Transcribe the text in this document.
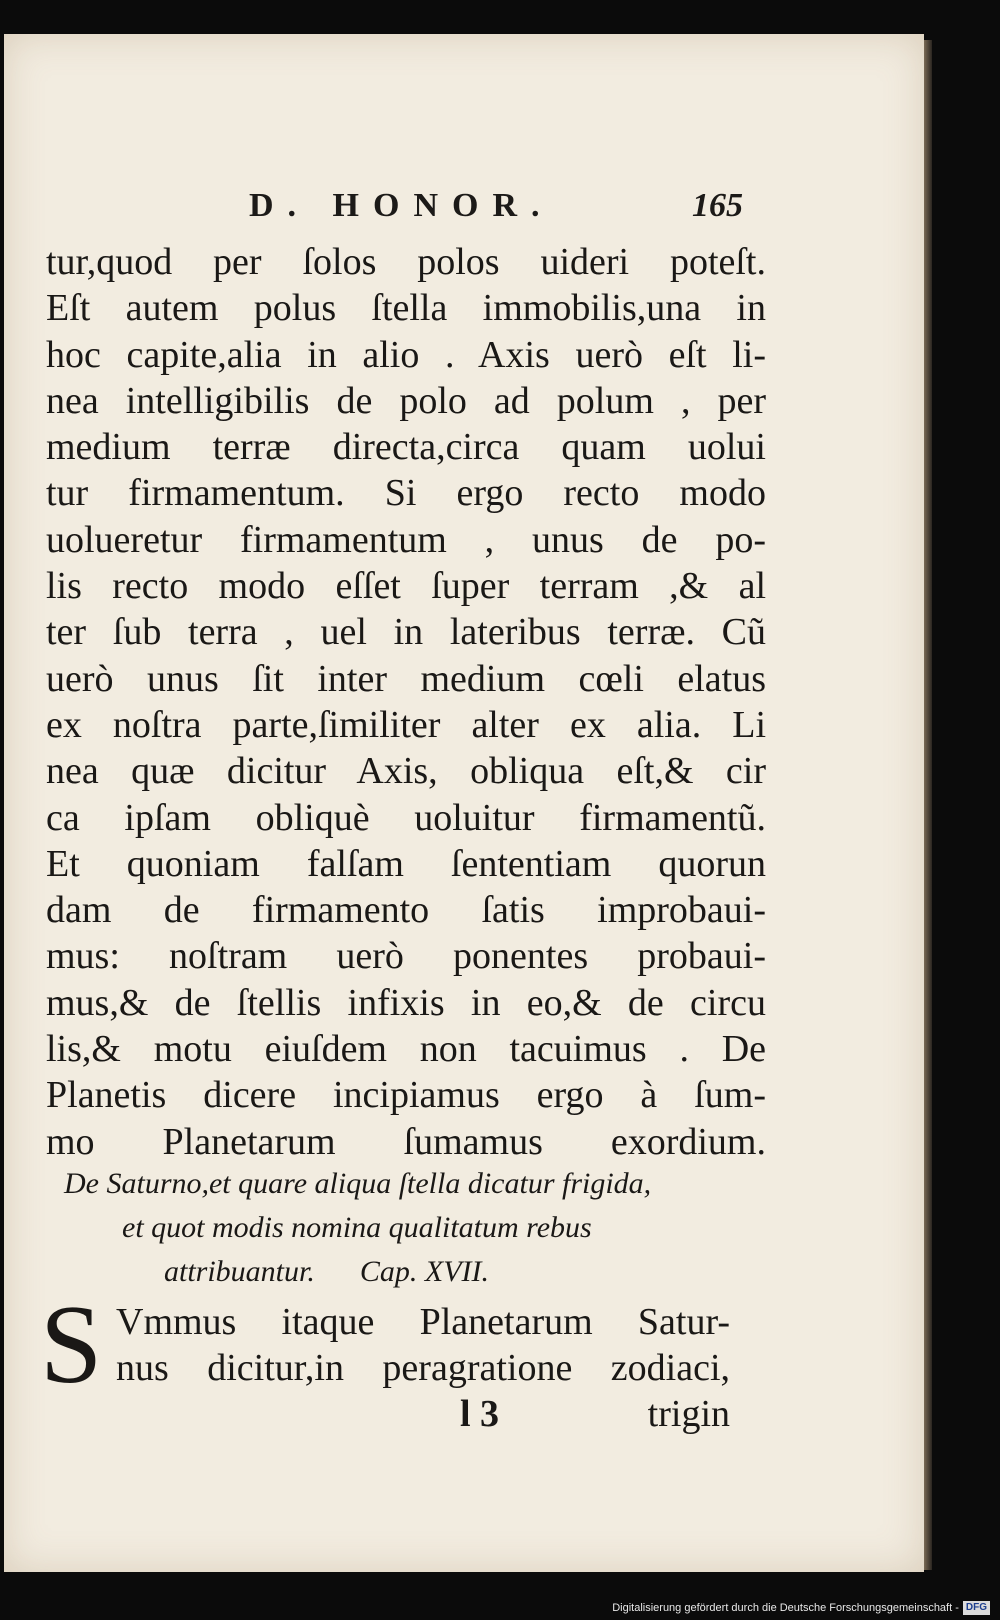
D. HONOR.	165
tur,quod per ſolos polos uideri poteſt.
Eſt autem polus ſtella immobilis,una in
hoc capite,alia in alio . Axis uerò eſt li-
nea intelligibilis de polo ad polum , per
medium terræ directa,circa quam uolui
tur firmamentum. Si ergo recto modo
uolueretur firmamentum , unus de po-
lis recto modo eſſet ſuper terram ,& al
ter ſub terra , uel in lateribus terræ. Cũ
uerò unus ſit inter medium cœli elatus
ex noſtra parte,ſimiliter alter ex alia. Li
nea quæ dicitur Axis, obliqua eſt,& cir
ca ipſam obliquè uoluitur firmamentũ.
Et quoniam falſam ſententiam quorun
dam de firmamento ſatis improbaui-
mus: noſtram uerò ponentes probaui-
mus,& de ſtellis infixis in eo,& de circu
lis,& motu eiuſdem non tacuimus . De
Planetis dicere incipiamus ergo à ſum-
mo Planetarum ſumamus exordium.
De Saturno,et quare aliqua ſtella dicatur frigida,
et quot modis nomina qualitatum rebus
attribuantur.      Cap. XVII.
S Vmmus itaque Planetarum Satur-
nus dicitur,in peragratione zodiaci,
l 3	trigin
Digitalisierung gefördert durch die Deutsche Forschungsgemeinschaft - DFG
